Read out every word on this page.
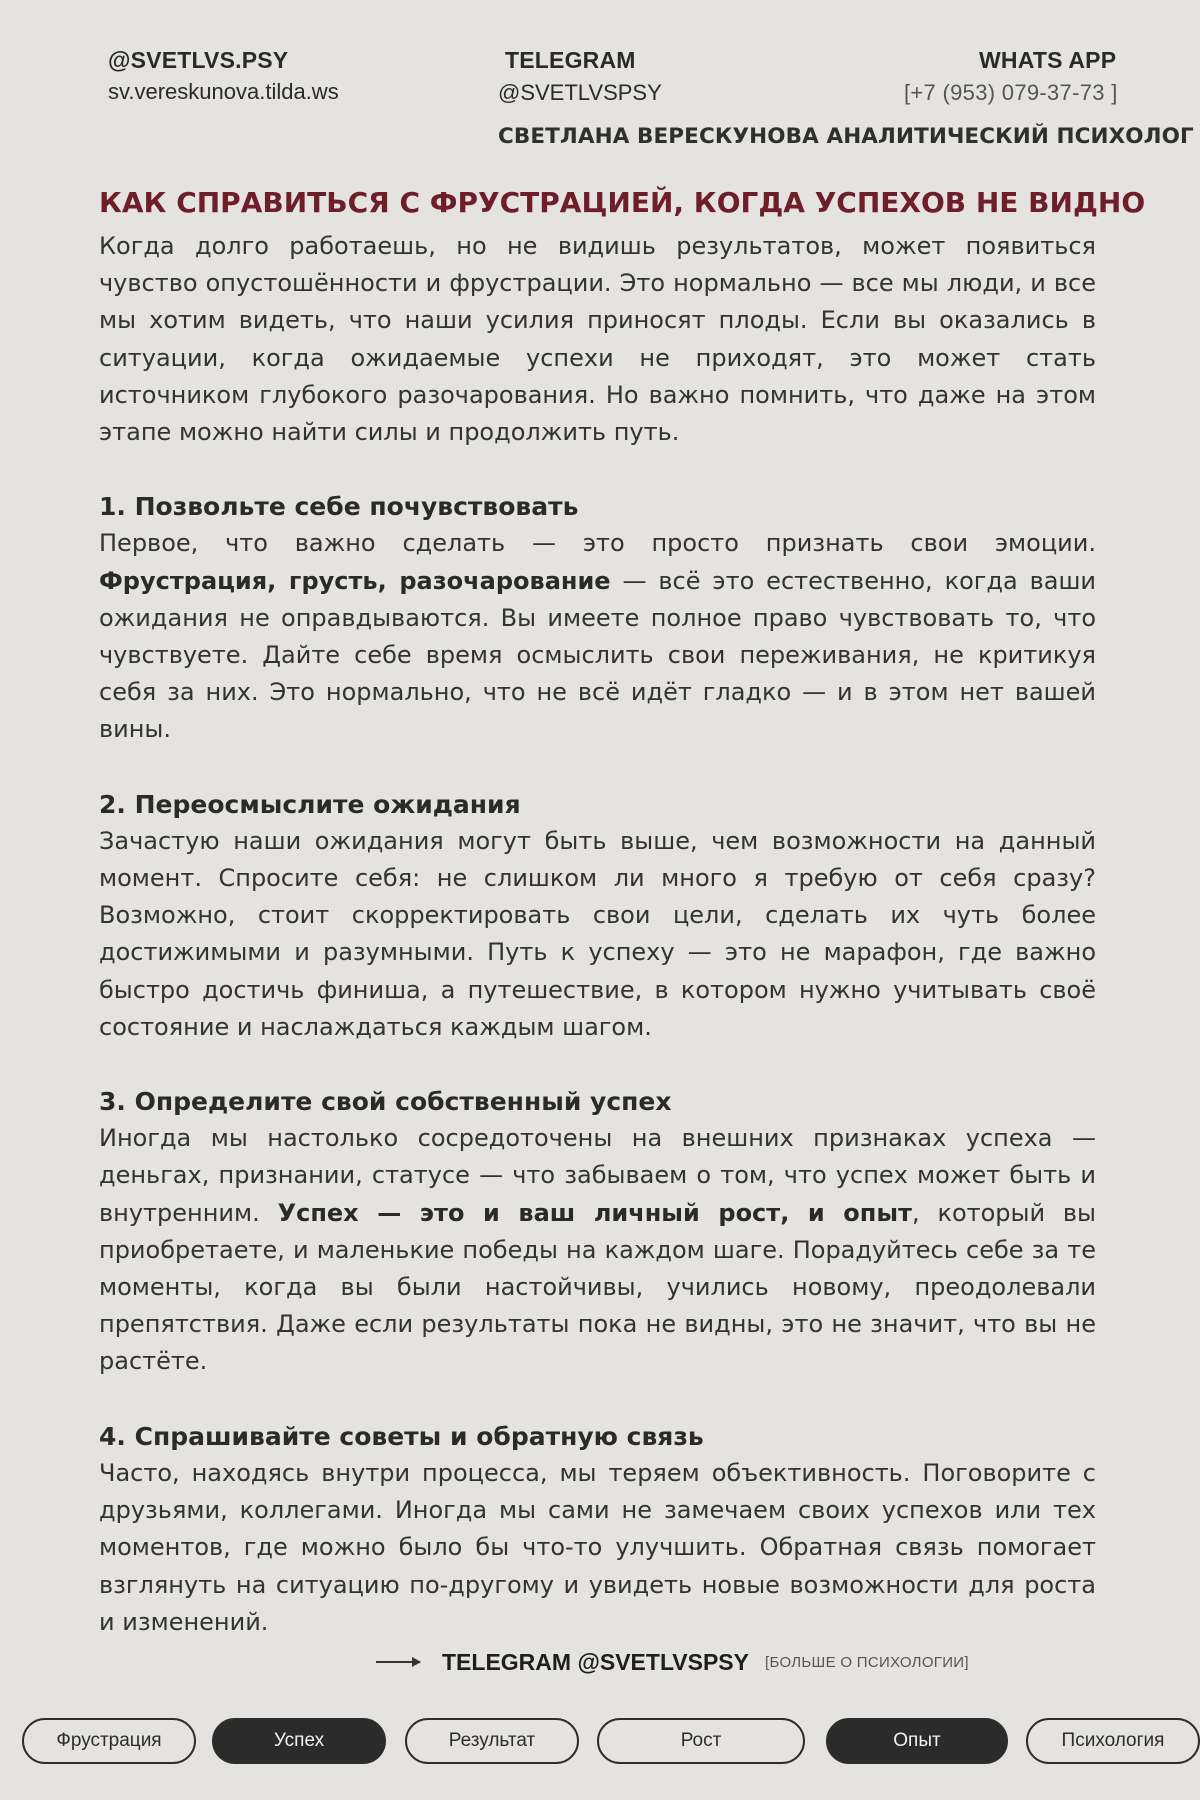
@SVETLVS.PSY
sv.vereskunova.tilda.ws
TELEGRAM
@SVETLVSPSY
WHATS APP
[+7 (953) 079-37-73 ]
СВЕТЛАНА ВЕРЕСКУНОВА АНАЛИТИЧЕСКИЙ ПСИХОЛОГ
КАК СПРАВИТЬСЯ С ФРУСТРАЦИЕЙ, КОГДА УСПЕХОВ НЕ ВИДНО

Когда долго работаешь, но не видишь результатов, может появиться чувство опустошённости и фрустрации. Это нормально — все мы люди, и все мы хотим видеть, что наши усилия приносят плоды. Если вы оказались в ситуации, когда ожидаемые успехи не приходят, это может стать источником глубокого разочарования. Но важно помнить, что даже на этом этапе можно найти силы и продолжить путь.

1. Позвольте себе почувствовать

Первое, что важно сделать — это просто признать свои эмоции. Фрустрация, грусть, разочарование — всё это естественно, когда ваши ожидания не оправдываются. Вы имеете полное право чувствовать то, что чувствуете. Дайте себе время осмыслить свои переживания, не критикуя себя за них. Это нормально, что не всё идёт гладко — и в этом нет вашей вины.

2. Переосмыслите ожидания

Зачастую наши ожидания могут быть выше, чем возможности на данный момент. Спросите себя: не слишком ли много я требую от себя сразу? Возможно, стоит скорректировать свои цели, сделать их чуть более достижимыми и разумными. Путь к успеху — это не марафон, где важно быстро достичь финиша, а путешествие, в котором нужно учитывать своё состояние и наслаждаться каждым шагом.

3. Определите свой собственный успех

Иногда мы настолько сосредоточены на внешних признаках успеха — деньгах, признании, статусе — что забываем о том, что успех может быть и внутренним. Успех — это и ваш личный рост, и опыт, который вы приобретаете, и маленькие победы на каждом шаге. Порадуйтесь себе за те моменты, когда вы были настойчивы, учились новому, преодолевали препятствия. Даже если результаты пока не видны, это не значит, что вы не растёте.

4. Спрашивайте советы и обратную связь

Часто, находясь внутри процесса, мы теряем объективность. Поговорите с друзьями, коллегами. Иногда мы сами не замечаем своих успехов или тех моментов, где можно было бы что-то улучшить. Обратная связь помогает взглянуть на ситуацию по-другому и увидеть новые возможности для роста и изменений.

TELEGRAM @SVETLVSPSY [БОЛЬШЕ О ПСИХОЛОГИИ]
Фрустрация	Успех	Результат	Рост	Опыт	Психология
